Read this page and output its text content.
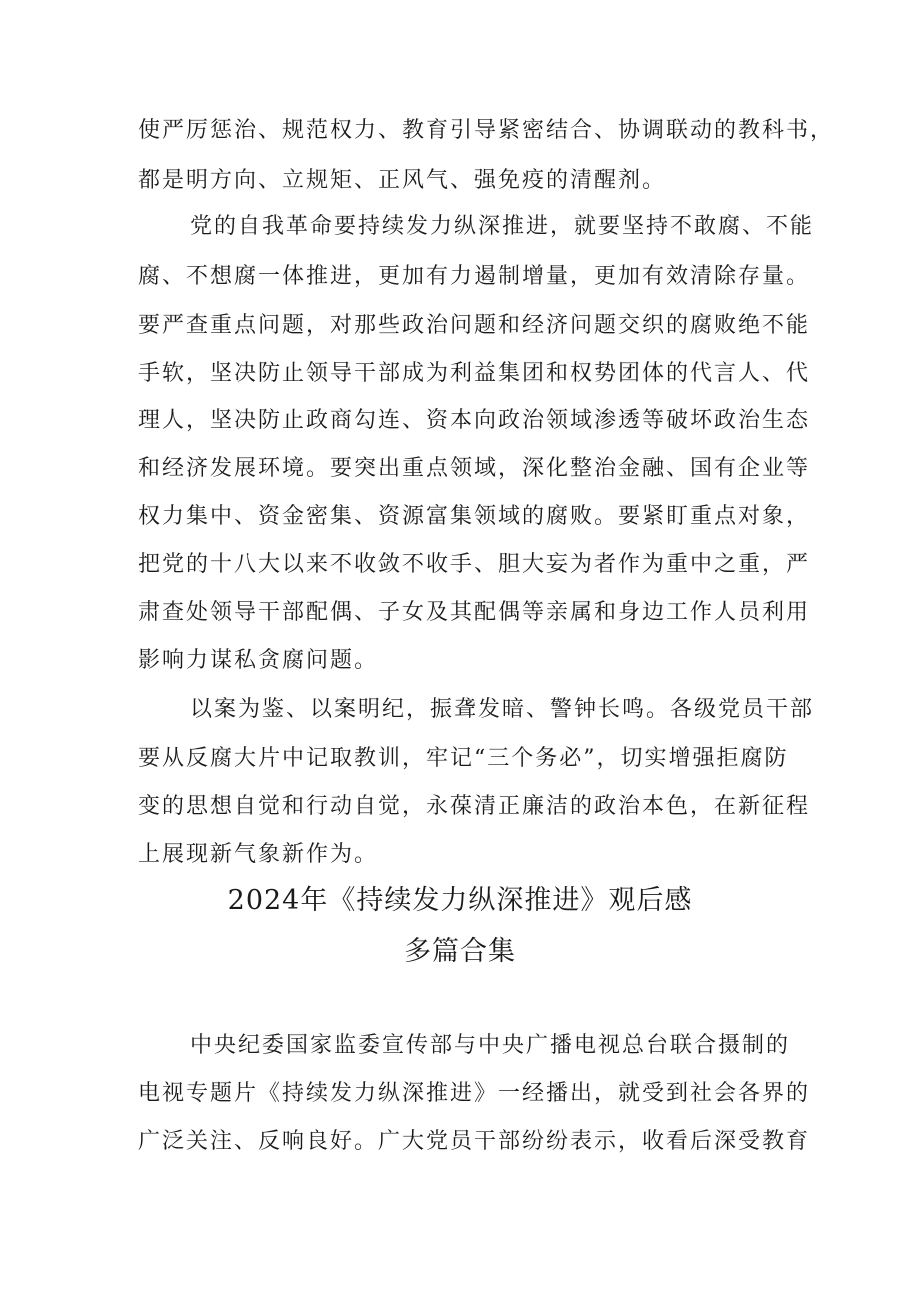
使严厉惩治、规范权力、教育引导紧密结合、协调联动的教科书，
都是明方向、立规矩、正风气、强免疫的清醒剂。
党的自我革命要持续发力纵深推进，就要坚持不敢腐、不能
腐、不想腐一体推进，更加有力遏制增量，更加有效清除存量。
要严查重点问题，对那些政治问题和经济问题交织的腐败绝不能
手软，坚决防止领导干部成为利益集团和权势团体的代言人、代
理人，坚决防止政商勾连、资本向政治领域渗透等破坏政治生态
和经济发展环境。要突出重点领域，深化整治金融、国有企业等
权力集中、资金密集、资源富集领域的腐败。要紧盯重点对象，
把党的十八大以来不收敛不收手、胆大妄为者作为重中之重，严
肃查处领导干部配偶、子女及其配偶等亲属和身边工作人员利用
影响力谋私贪腐问题。
以案为鉴、以案明纪，振聋发暗、警钟长鸣。各级党员干部
要从反腐大片中记取教训，牢记“三个务必”，切实增强拒腐防
变的思想自觉和行动自觉，永葆清正廉洁的政治本色，在新征程
上展现新气象新作为。
2024年《持续发力纵深推进》观后感
多篇合集
中央纪委国家监委宣传部与中央广播电视总台联合摄制的
电视专题片《持续发力纵深推进》一经播出，就受到社会各界的
广泛关注、反响良好。广大党员干部纷纷表示，收看后深受教育
